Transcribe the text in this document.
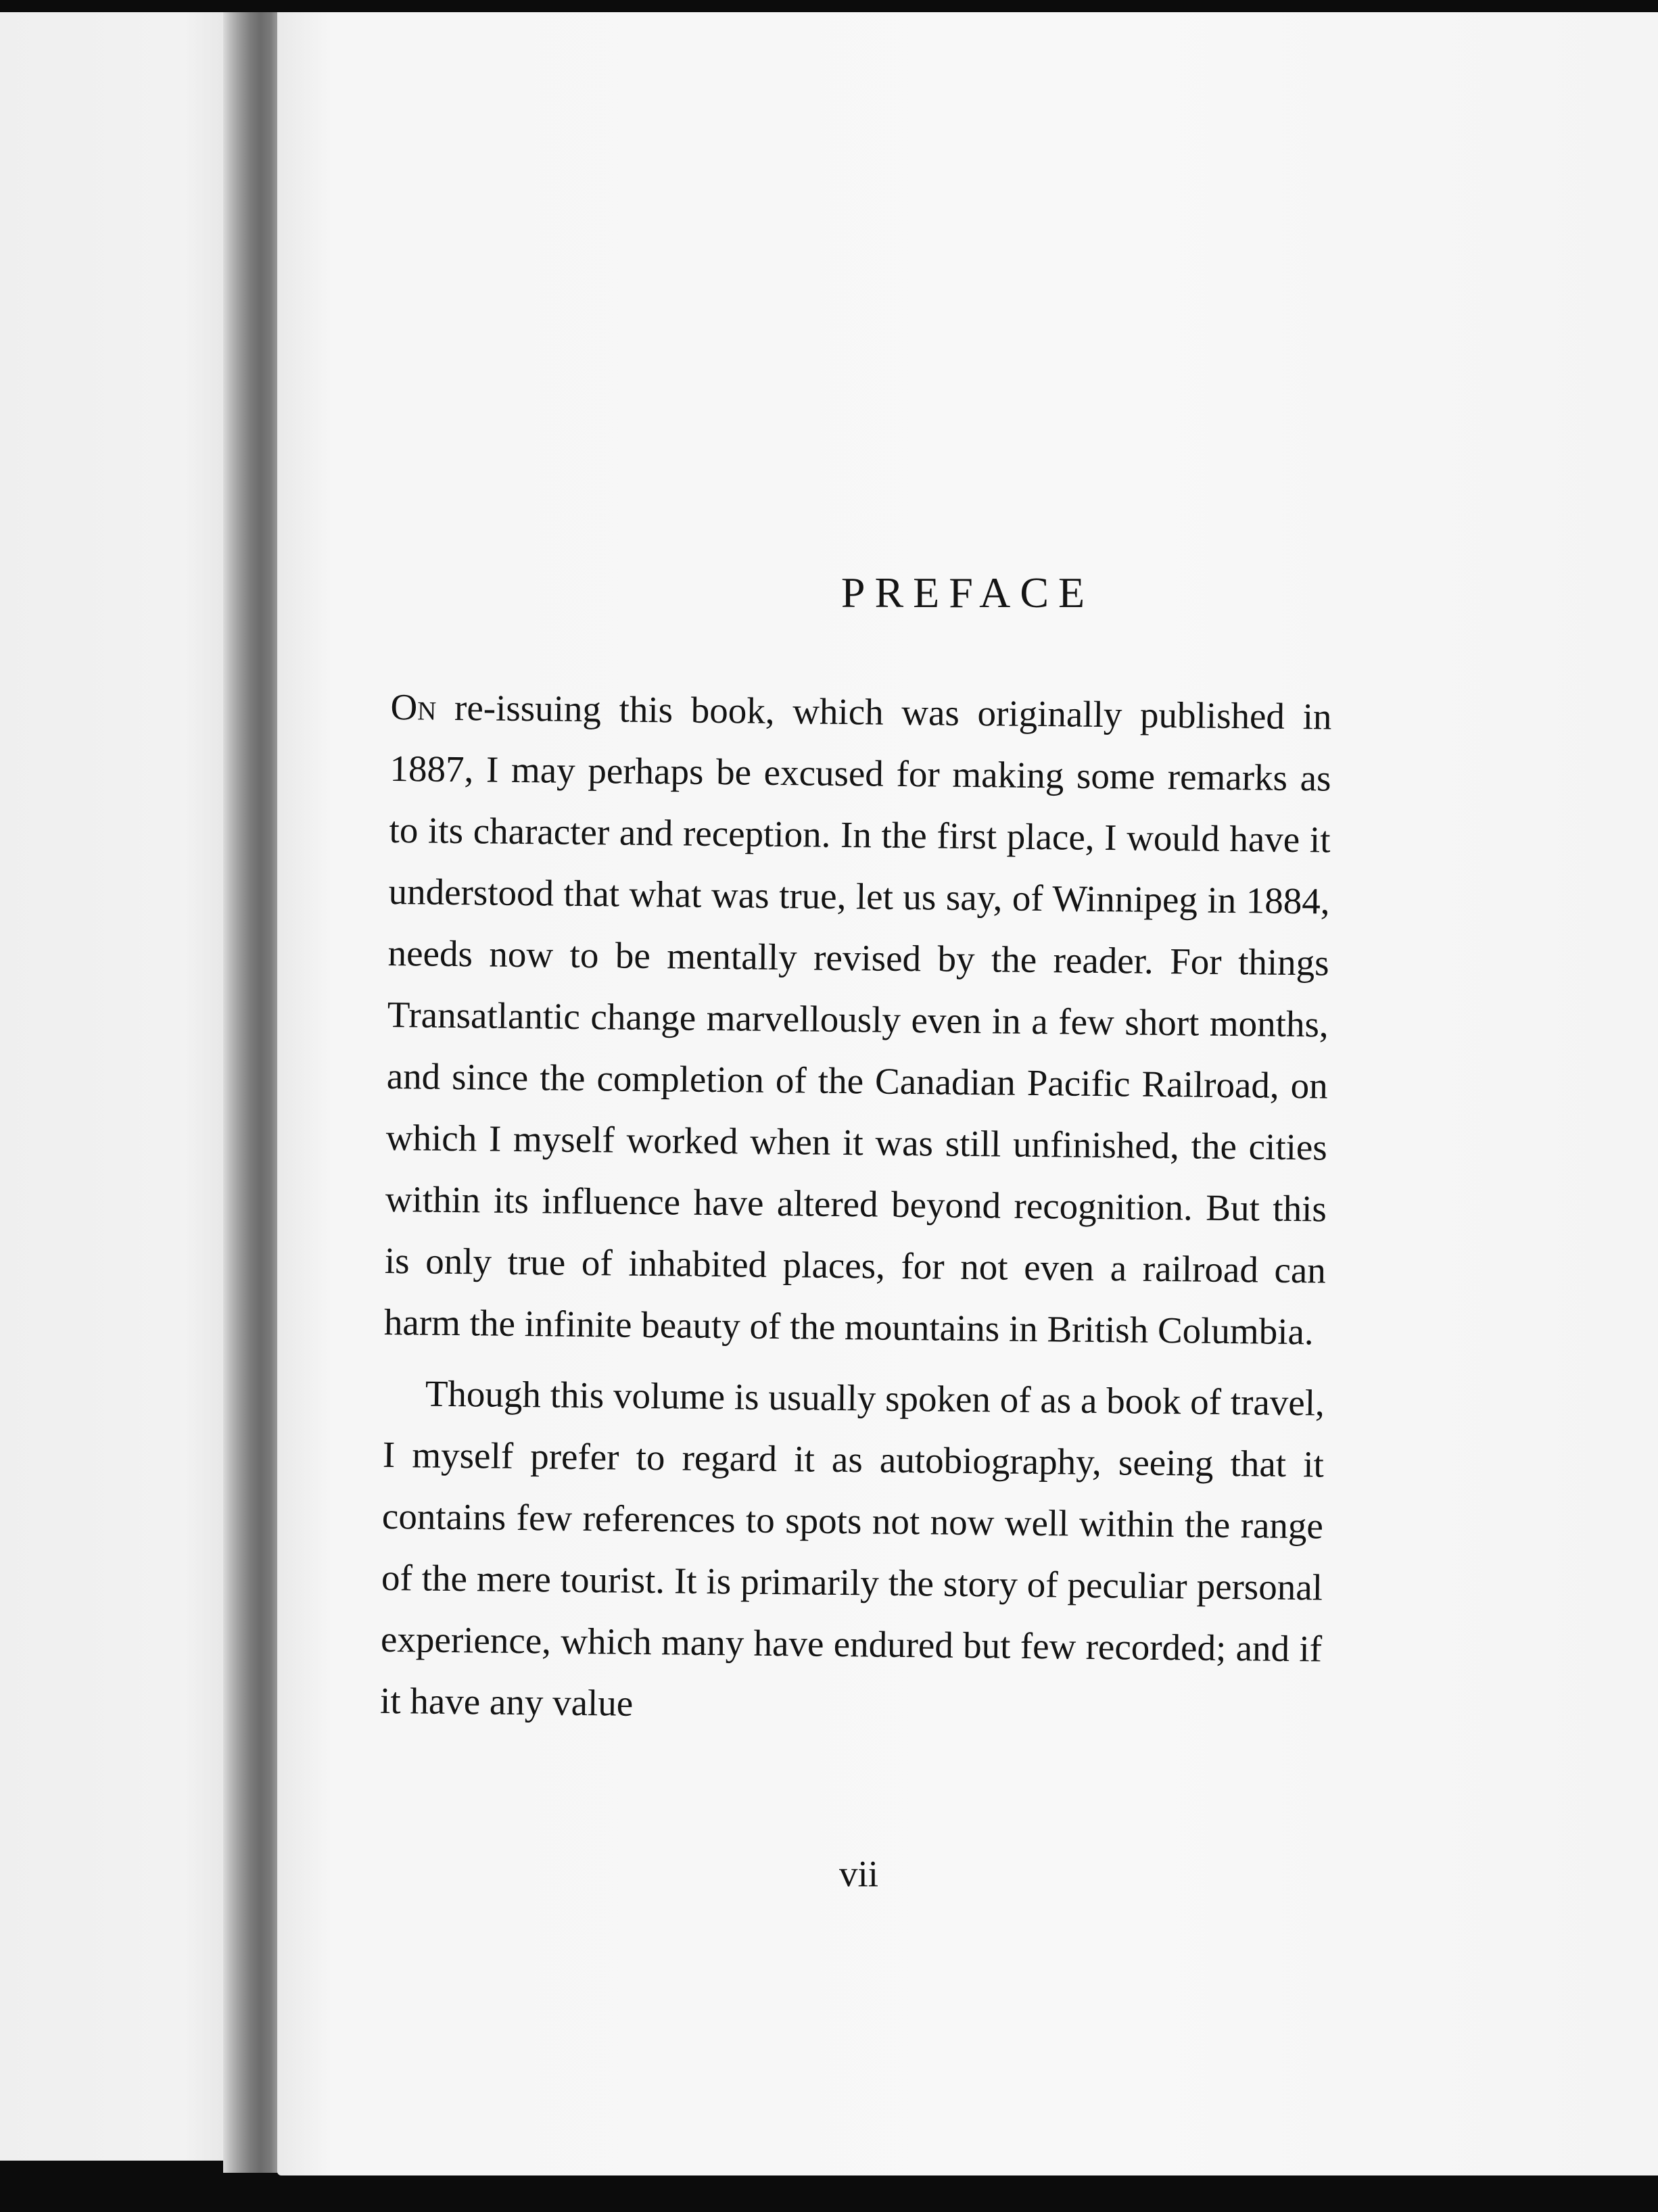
PREFACE

On re-issuing this book, which was originally published in 1887, I may perhaps be excused for making some remarks as to its character and reception. In the first place, I would have it understood that what was true, let us say, of Winnipeg in 1884, needs now to be mentally revised by the reader. For things Transatlantic change marvellously even in a few short months, and since the completion of the Canadian Pacific Railroad, on which I myself worked when it was still unfinished, the cities within its influence have altered beyond recognition. But this is only true of inhabited places, for not even a railroad can harm the infinite beauty of the mountains in British Columbia.

Though this volume is usually spoken of as a book of travel, I myself prefer to regard it as autobiography, seeing that it contains few references to spots not now well within the range of the mere tourist. It is primarily the story of peculiar personal experience, which many have endured but few recorded; and if it have any value

vii
